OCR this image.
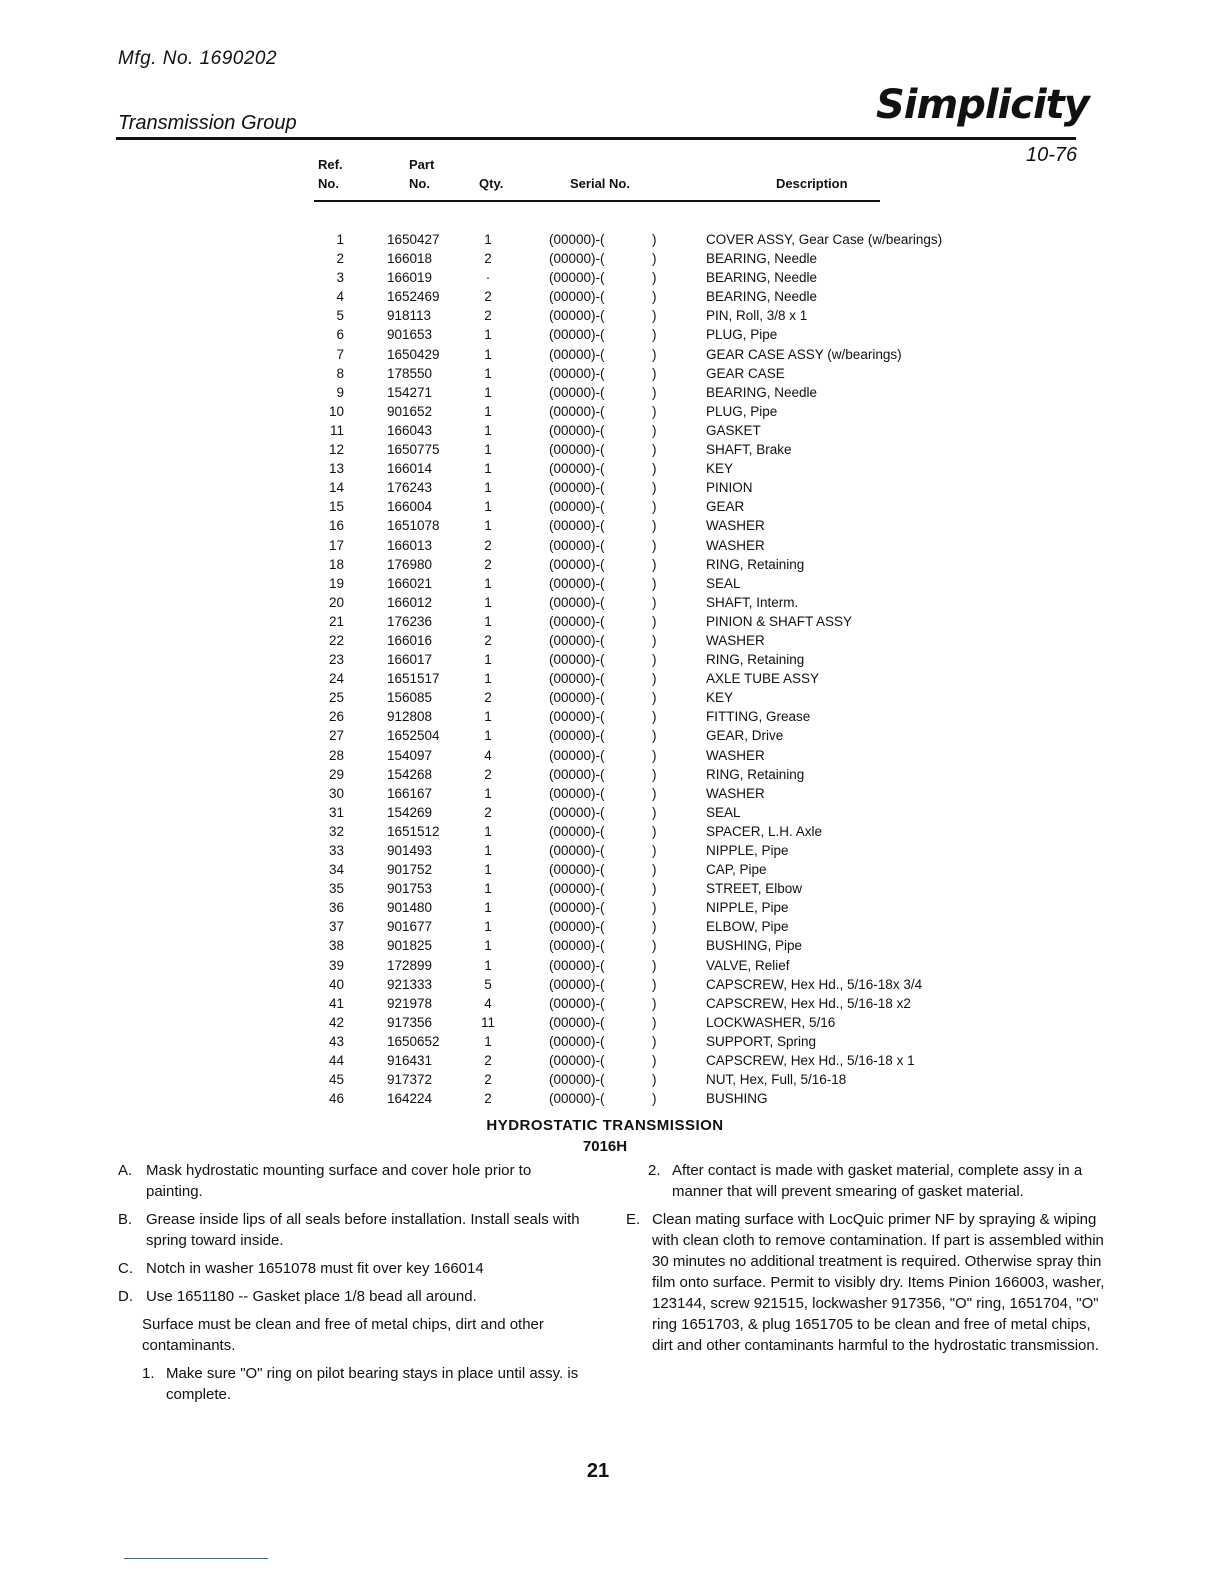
Mfg. No. 1690202
Transmission Group	Simplicity
10-76
Ref.
No.
Part
No.	Qty.	Serial No.	Description
1	1650427	1	(00000)-(	)	COVER ASSY, Gear Case (w/bearings)
2	166018	2	(00000)-(	)	BEARING, Needle
3	166019	·	(00000)-(	)	BEARING, Needle
4	1652469	2	(00000)-(	)	BEARING, Needle
5	918113	2	(00000)-(	)	PIN, Roll, 3/8 x 1
6	901653	1	(00000)-(	)	PLUG, Pipe
7	1650429	1	(00000)-(	)	GEAR CASE ASSY (w/bearings)
8	178550	1	(00000)-(	)	GEAR CASE
9	154271	1	(00000)-(	)	BEARING, Needle
10	901652	1	(00000)-(	)	PLUG, Pipe
11	166043	1	(00000)-(	)	GASKET
12	1650775	1	(00000)-(	)	SHAFT, Brake
13	166014	1	(00000)-(	)	KEY
14	176243	1	(00000)-(	)	PINION
15	166004	1	(00000)-(	)	GEAR
16	1651078	1	(00000)-(	)	WASHER
17	166013	2	(00000)-(	)	WASHER
18	176980	2	(00000)-(	)	RING, Retaining
19	166021	1	(00000)-(	)	SEAL
20	166012	1	(00000)-(	)	SHAFT, Interm.
21	176236	1	(00000)-(	)	PINION & SHAFT ASSY
22	166016	2	(00000)-(	)	WASHER
23	166017	1	(00000)-(	)	RING, Retaining
24	1651517	1	(00000)-(	)	AXLE TUBE ASSY
25	156085	2	(00000)-(	)	KEY
26	912808	1	(00000)-(	)	FITTING, Grease
27	1652504	1	(00000)-(	)	GEAR, Drive
28	154097	4	(00000)-(	)	WASHER
29	154268	2	(00000)-(	)	RING, Retaining
30	166167	1	(00000)-(	)	WASHER
31	154269	2	(00000)-(	)	SEAL
32	1651512	1	(00000)-(	)	SPACER, L.H. Axle
33	901493	1	(00000)-(	)	NIPPLE, Pipe
34	901752	1	(00000)-(	)	CAP, Pipe
35	901753	1	(00000)-(	)	STREET, Elbow
36	901480	1	(00000)-(	)	NIPPLE, Pipe
37	901677	1	(00000)-(	)	ELBOW, Pipe
38	901825	1	(00000)-(	)	BUSHING, Pipe
39	172899	1	(00000)-(	)	VALVE, Relief
40	921333	5	(00000)-(	)	CAPSCREW, Hex Hd., 5/16-18x 3/4
41	921978	4	(00000)-(	)	CAPSCREW, Hex Hd., 5/16-18 x2
42	917356	11	(00000)-(	)	LOCKWASHER, 5/16
43	1650652	1	(00000)-(	)	SUPPORT, Spring
44	916431	2	(00000)-(	)	CAPSCREW, Hex Hd., 5/16-18 x 1
45	917372	2	(00000)-(	)	NUT, Hex, Full, 5/16-18
46	164224	2	(00000)-(	)	BUSHING
HYDROSTATIC TRANSMISSION
7016H
A. Mask hydrostatic mounting surface and cover hole prior to painting.
B. Grease inside lips of all seals before installation. Install seals with spring toward inside.
C. Notch in washer 1651078 must fit over key 166014
D. Use 1651180 -- Gasket place 1/8 bead all around.
Surface must be clean and free of metal chips, dirt and other contaminants.
1. Make sure "O" ring on pilot bearing stays in place until assy. is complete.
2. After contact is made with gasket material, complete assy in a manner that will prevent smearing of gasket material.
E. Clean mating surface with LocQuic primer NF by spraying & wiping with clean cloth to remove contamination. If part is assembled within 30 minutes no additional treatment is required. Otherwise spray thin film onto surface. Permit to visibly dry. Items Pinion 166003, washer, 123144, screw 921515, lockwasher 917356, "O" ring, 1651704, "O" ring 1651703, & plug 1651705 to be clean and free of metal chips, dirt and other contaminants harmful to the hydrostatic transmission.
21
